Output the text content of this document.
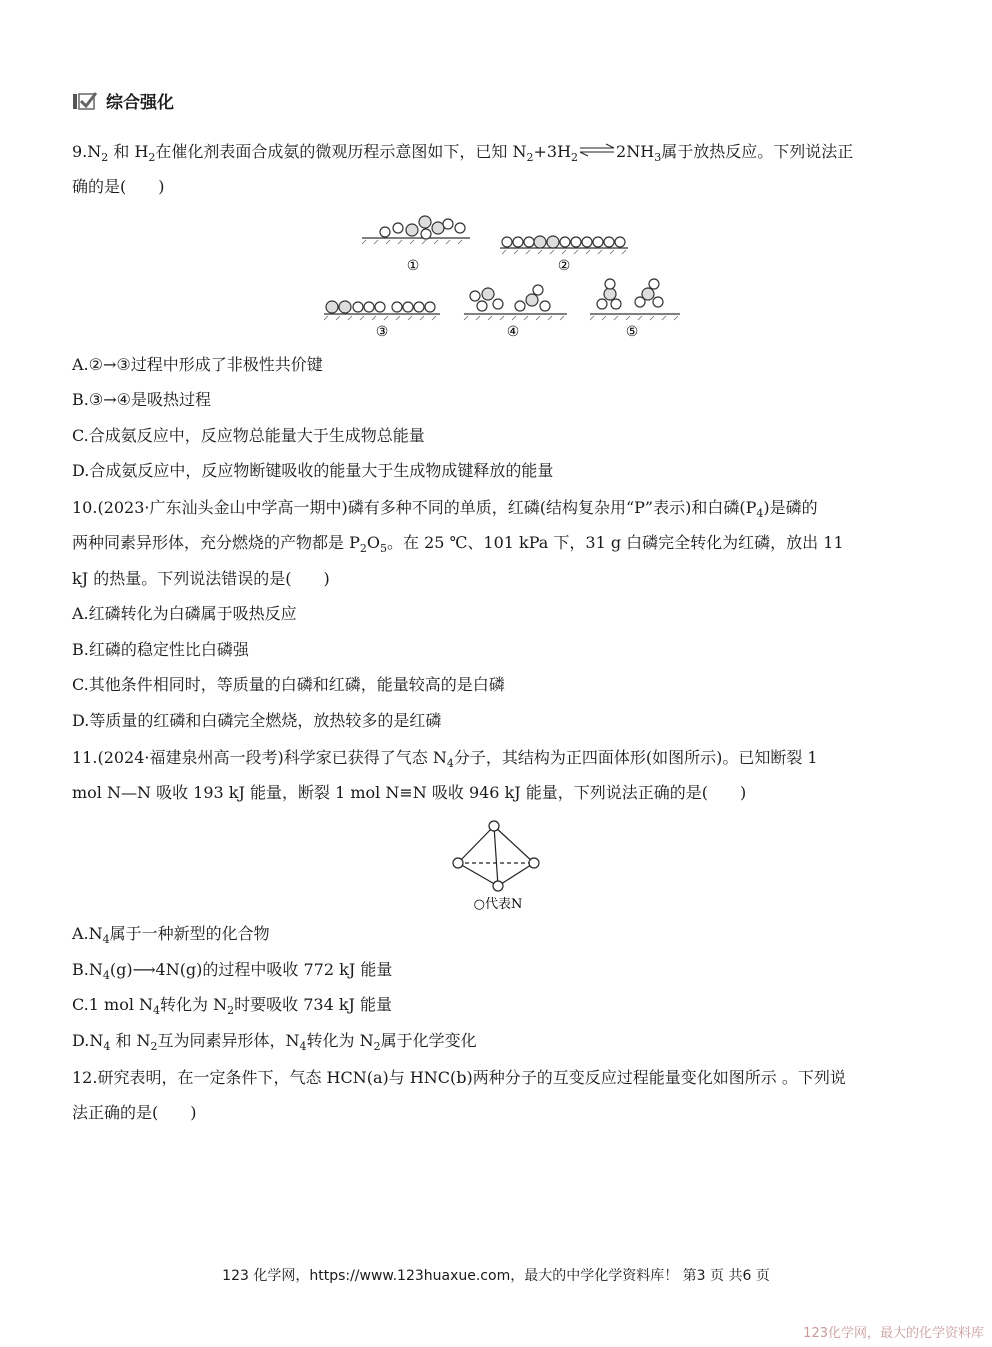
综合强化
$9.N_2$ 和 $H_2$在催化剂表面合成氨的微观历程示意图如下，已知 $N_2+3H_2$ $\rightleftharpoons 2NH_3$属于放热反应。下列说法正
确的是(　　)
①	②
③	④	⑤
A.②→③过程中形成了非极性共价键
B.③→④是吸热过程
C.合成氨反应中，反应物总能量大于生成物总能量
D.合成氨反应中，反应物断键吸收的能量大于生成物成键释放的能量
10.(2023·广东汕头金山中学高一期中)磷有多种不同的单质，红磷(结构复杂用“P”表示)和白磷$(P_4)$是磷的
两种同素异形体，充分燃烧的产物都是 $P_2O_5$。在 25 ℃、101 kPa 下，31 g 白磷完全转化为红磷，放出 11
kJ 的热量。下列说法错误的是(　　)
A.红磷转化为白磷属于吸热反应
B.红磷的稳定性比白磷强
C.其他条件相同时，等质量的白磷和红磷，能量较高的是白磷
D.等质量的红磷和白磷完全燃烧，放热较多的是红磷
11.(2024·福建泉州高一段考)科学家已获得了气态 $N_4$分子，其结构为正四面体形(如图所示)。已知断裂 1
mol N—N 吸收 193 kJ 能量，断裂 1 mol N≡N 吸收 946 kJ 能量，下列说法正确的是(　　)
○代表N
$A.N_4$属于一种新型的化合物
$B.N_4(g)⟶4N(g)$的过程中吸收 772 kJ 能量
C.1 mol $N_4$转化为 $N_2$时要吸收 734 kJ 能量
$D.N_4$ 和 $N_2$互为同素异形体，$N_4$转化为 $N_2$属于化学变化
12.研究表明，在一定条件下，气态 HCN(a)与 HNC(b)两种分子的互变反应过程能量变化如图所示 。下列说
法正确的是(　　)
123 化学网，https://www.123huaxue.com，最大的中学化学资料库！ 第3 页 共6 页
123化学网，最大的化学资料库
